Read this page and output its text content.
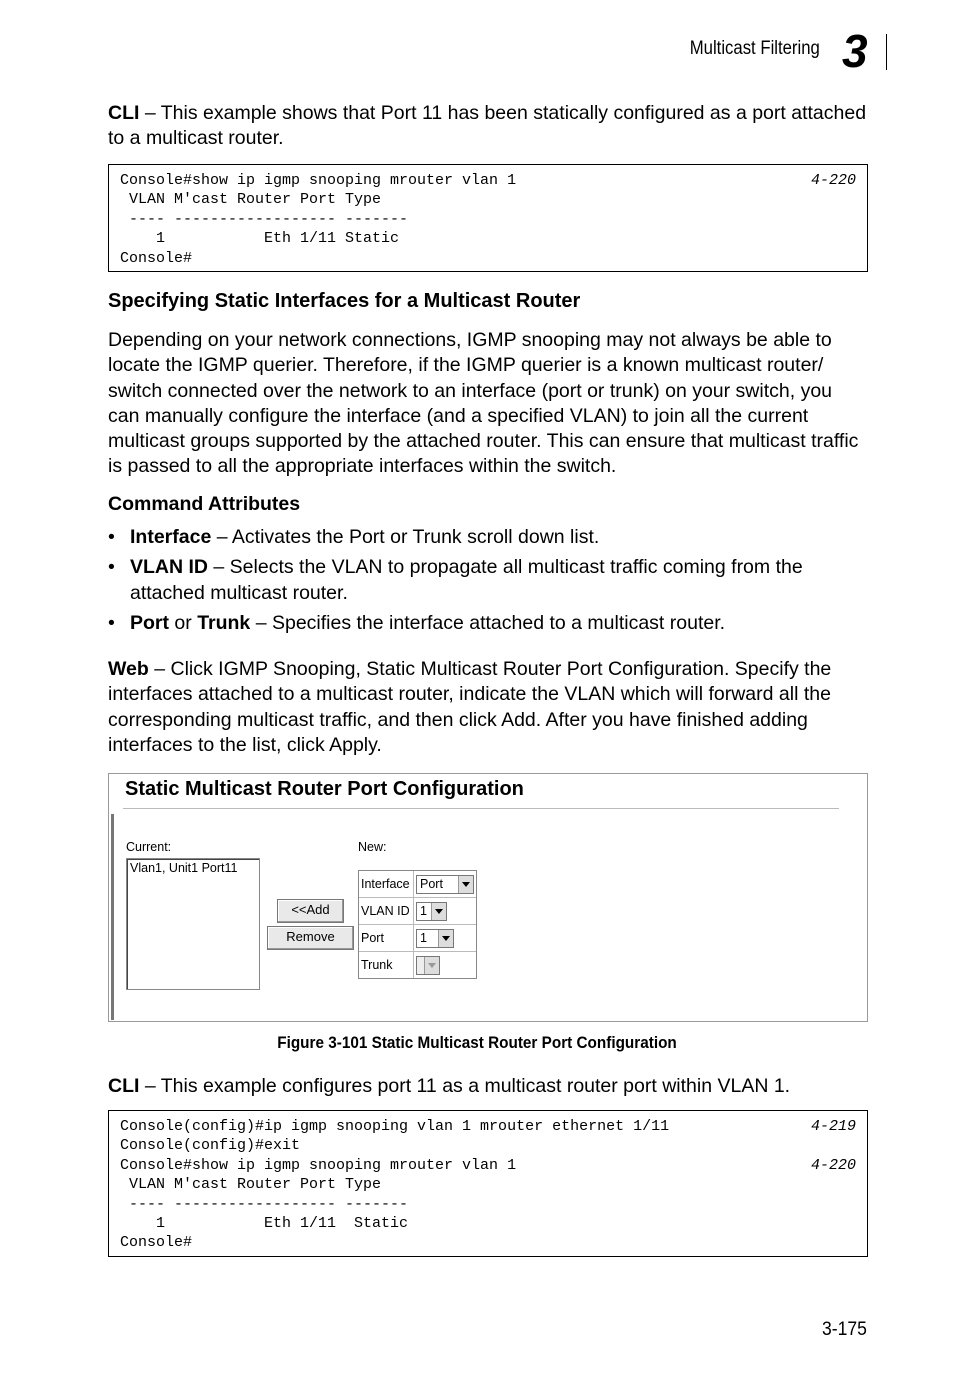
Multicast Filtering 3

CLI – This example shows that Port 11 has been statically configured as a port attached to a multicast router.

Console#show ip igmp snooping mrouter vlan 1	4-220
VLAN M'cast Router Port Type
---- ------------------ -------
1           Eth 1/11 Static
Console#
Specifying Static Interfaces for a Multicast Router

Depending on your network connections, IGMP snooping may not always be able to locate the IGMP querier. Therefore, if the IGMP querier is a known multicast router/ switch connected over the network to an interface (port or trunk) on your switch, you can manually configure the interface (and a specified VLAN) to join all the current multicast groups supported by the attached router. This can ensure that multicast traffic is passed to all the appropriate interfaces within the switch.

Command Attributes
• Interface – Activates the Port or Trunk scroll down list.
• VLAN ID – Selects the VLAN to propagate all multicast traffic coming from the attached multicast router.
• Port or Trunk – Specifies the interface attached to a multicast router.

Web – Click IGMP Snooping, Static Multicast Router Port Configuration. Specify the interfaces attached to a multicast router, indicate the VLAN which will forward all the corresponding multicast traffic, and then click Add. After you have finished adding interfaces to the list, click Apply.

Static Multicast Router Port Configuration
Current:
Vlan1, Unit1 Port11
<<Add
Remove
New:
Interface Port
VLAN ID 1
Port	1
Trunk
Figure 3-101 Static Multicast Router Port Configuration

CLI – This example configures port 11 as a multicast router port within VLAN 1.

Console(config)#ip igmp snooping vlan 1 mrouter ethernet 1/11	4-219
Console(config)#exit
Console#show ip igmp snooping mrouter vlan 1	4-220
VLAN M'cast Router Port Type
---- ------------------ -------
1           Eth 1/11  Static
Console#
3-175
